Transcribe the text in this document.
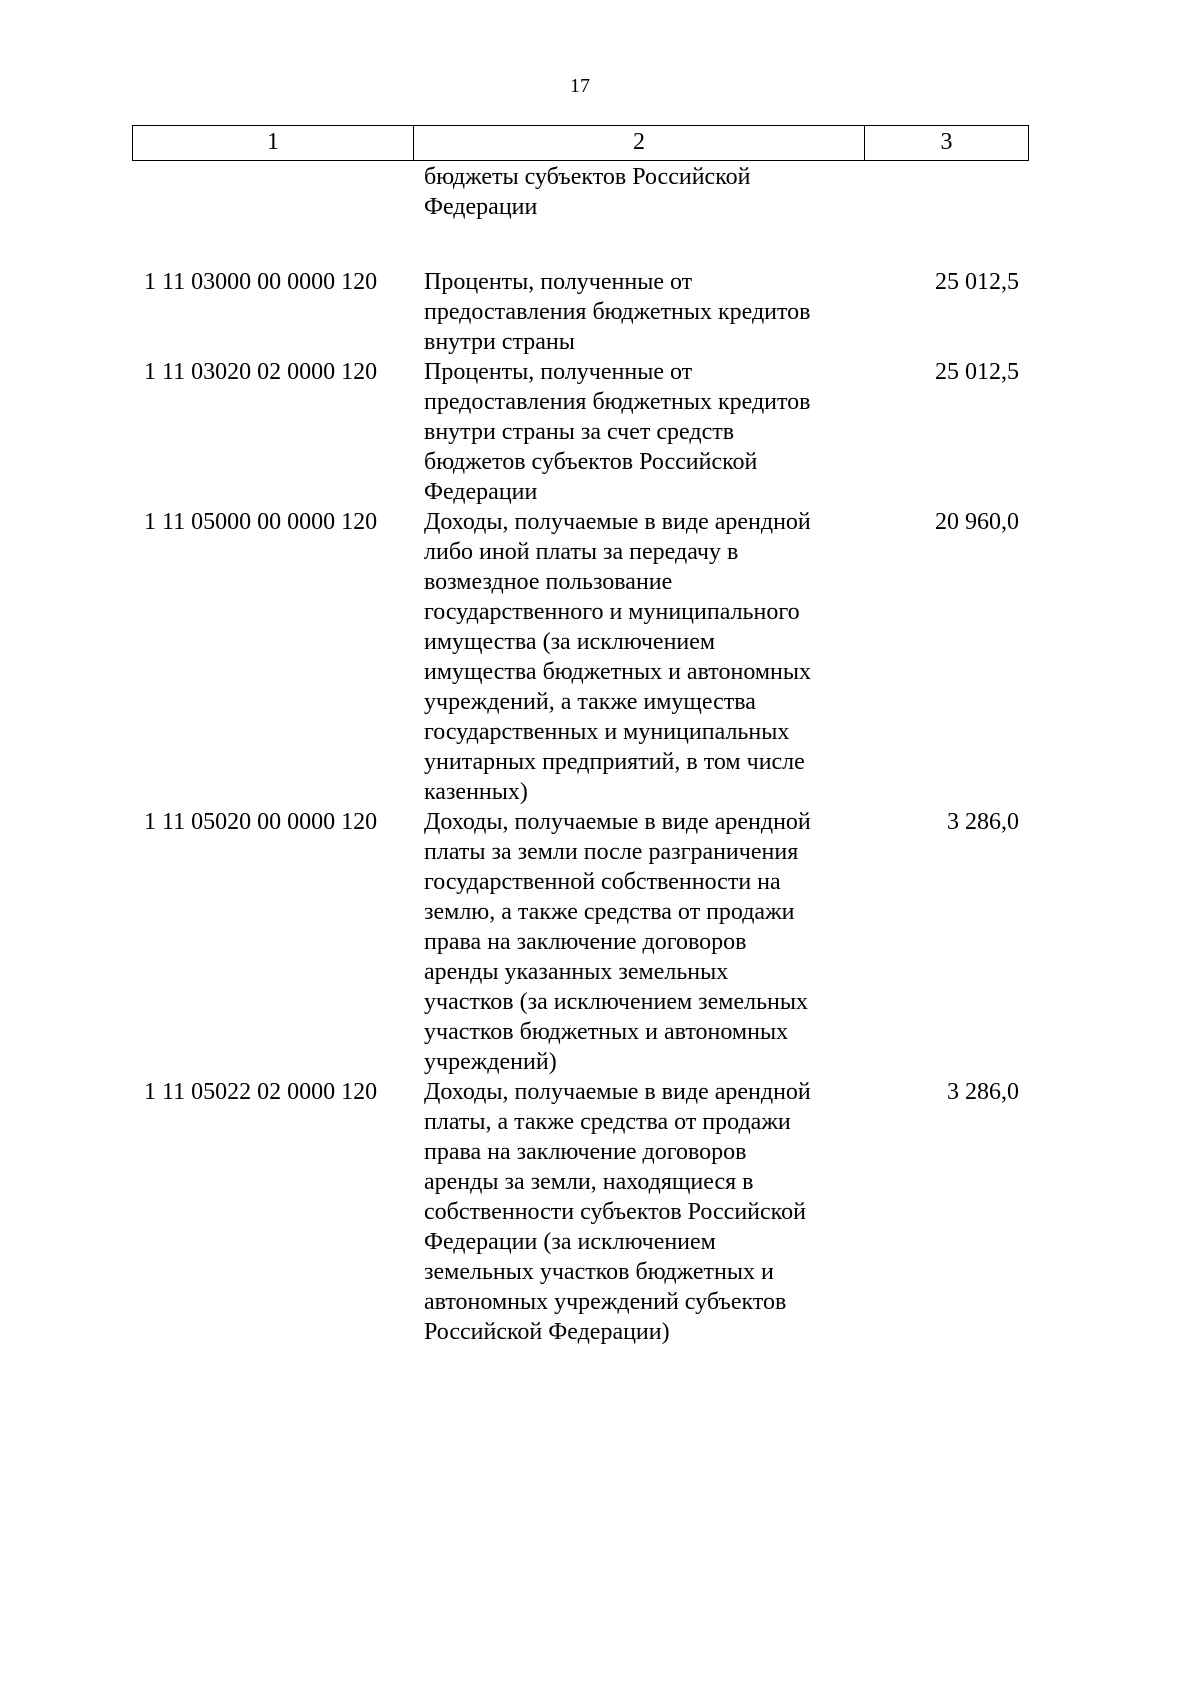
17
1	2	3
бюджеты субъектов Российской
Федерации
1 11 03000 00 0000 120 Проценты, полученные от
предоставления бюджетных кредитов
внутри страны
25 012,5
1 11 03020 02 0000 120 Проценты, полученные от
предоставления бюджетных кредитов
внутри страны за счет средств
бюджетов субъектов Российской
Федерации
25 012,5
1 11 05000 00 0000 120 Доходы, получаемые в виде арендной
либо иной платы за передачу в
возмездное пользование
государственного и муниципального
имущества (за исключением
имущества бюджетных и автономных
учреждений, а также имущества
государственных и муниципальных
унитарных предприятий, в том числе
казенных)
20 960,0
1 11 05020 00 0000 120 Доходы, получаемые в виде арендной
платы за земли после разграничения
государственной собственности на
землю, а также средства от продажи
права на заключение договоров
аренды указанных земельных
участков (за исключением земельных
участков бюджетных и автономных
учреждений)
3 286,0
1 11 05022 02 0000 120 Доходы, получаемые в виде арендной
платы, а также средства от продажи
права на заключение договоров
аренды за земли, находящиеся в
собственности субъектов Российской
Федерации (за исключением
земельных участков бюджетных и
автономных учреждений субъектов
Российской Федерации)
3 286,0
